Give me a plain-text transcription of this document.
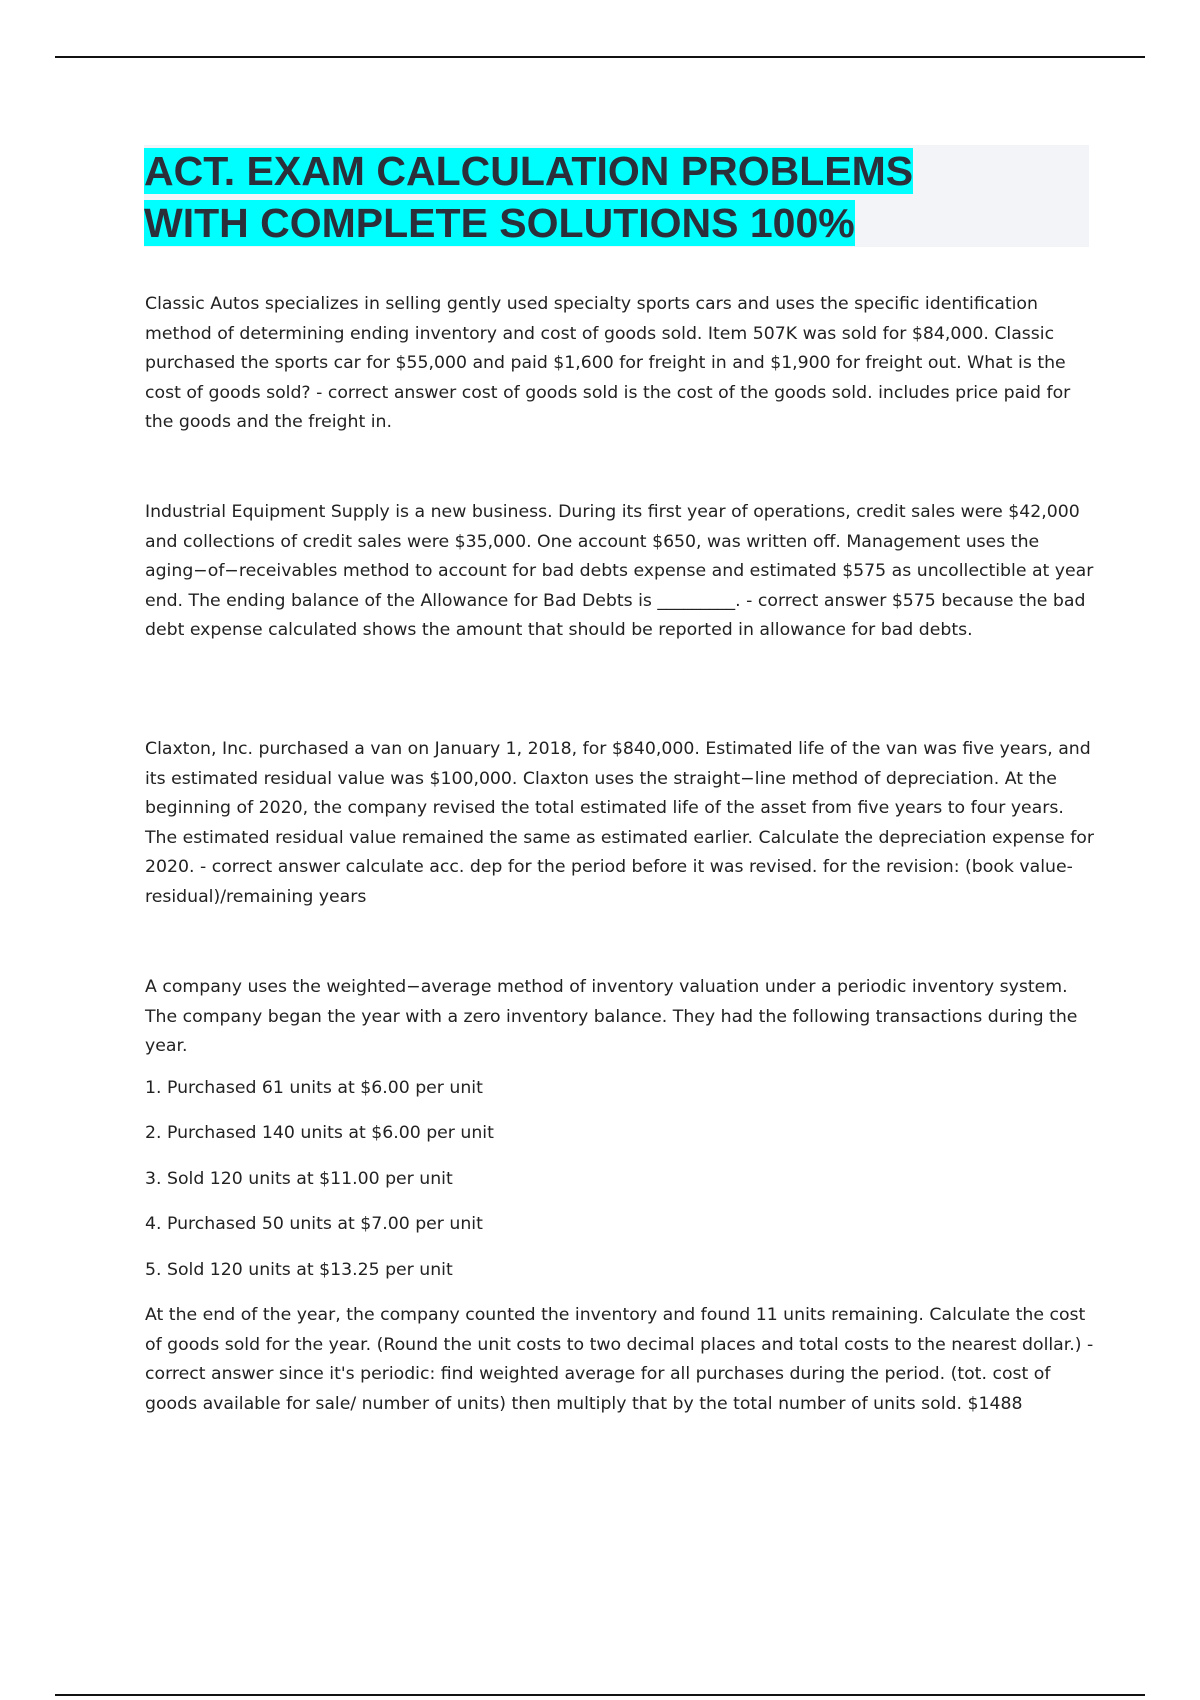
ACT. EXAM CALCULATION PROBLEMS
WITH COMPLETE SOLUTIONS 100%

Classic Autos specializes in selling gently used specialty sports cars and uses the specific identification method of determining ending inventory and cost of goods sold. Item 507K was sold for $84,000. Classic purchased the sports car for $55,000 and paid $1,600 for freight in and $1,900 for freight out. What is the cost of goods sold? - correct answer cost of goods sold is the cost of the goods sold. includes price paid for the goods and the freight in.

Industrial Equipment Supply is a new business. During its first year of operations, credit sales were $42,000 and collections of credit sales were $35,000. One account $650, was written off. Management uses the aging−of−receivables method to account for bad debts expense and estimated $575 as uncollectible at year end. The ending balance of the Allowance for Bad Debts is _________. - correct answer $575 because the bad debt expense calculated shows the amount that should be reported in allowance for bad debts.

Claxton, Inc. purchased a van on January 1, 2018, for $840,000. Estimated life of the van was five years, and its estimated residual value was $100,000. Claxton uses the straight−line method of depreciation. At the beginning of 2020, the company revised the total estimated life of the asset from five years to four years. The estimated residual value remained the same as estimated earlier. Calculate the depreciation expense for 2020. - correct answer calculate acc. dep for the period before it was revised. for the revision: (book value-residual)/remaining years

A company uses the weighted−average method of inventory valuation under a periodic inventory system. The company began the year with a zero inventory balance. They had the following transactions during the year.

1. Purchased 61 units at $6.00 per unit

2. Purchased 140 units at $6.00 per unit

3. Sold 120 units at $11.00 per unit

4. Purchased 50 units at $7.00 per unit

5. Sold 120 units at $13.25 per unit

At the end of the year, the company counted the inventory and found 11 units remaining. Calculate the cost of goods sold for the year. (Round the unit costs to two decimal places and total costs to the nearest dollar.) - correct answer since it's periodic: find weighted average for all purchases during the period. (tot. cost of goods available for sale/ number of units) then multiply that by the total number of units sold. $1488
